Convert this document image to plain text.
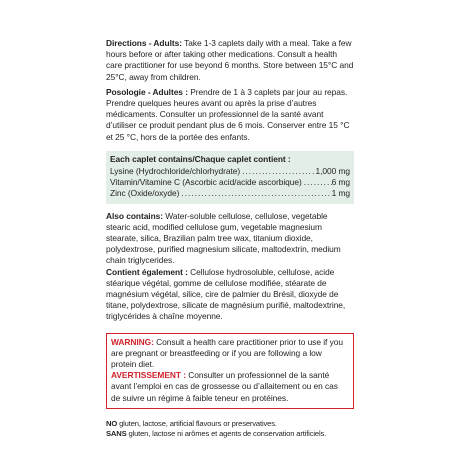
Directions - Adults: Take 1-3 caplets daily with a meal. Take a few hours before or after taking other medications. Consult a health care practitioner for use beyond 6 months. Store between 15°C and 25°C, away from children.

Posologie - Adultes : Prendre de 1 à 3 caplets par jour au repas. Prendre quelques heures avant ou après la prise d’autres médicaments. Consulter un professionnel de la santé avant d’utiliser ce produit pendant plus de 6 mois. Conserver entre 15 °C et 25 °C, hors de la portée des enfants.

Each caplet contains/Chaque caplet contient :
Lysine (Hydrochloride/chlorhydrate) .....	1,000 mg
Vitamin/Vitamine C (Ascorbic acid/acide ascorbique) .....	6 mg
Zinc (Oxide/oxyde) .....	1 mg

Also contains: Water-soluble cellulose, cellulose, vegetable stearic acid, modified cellulose gum, vegetable magnesium stearate, silica, Brazilian palm tree wax, titanium dioxide, polydextrose, purified magnesium silicate, maltodextrin, medium chain triglycerides.

Contient également : Cellulose hydrosoluble, cellulose, acide stéarique végétal, gomme de cellulose modifiée, stéarate de magnésium végétal, silice, cire de palmier du Brésil, dioxyde de titane, polydextrose, silicate de magnésium purifié, maltodextrine, triglycérides à chaîne moyenne.

WARNING: Consult a health care practitioner prior to use if you are pregnant or breastfeeding or if you are following a low protein diet.

AVERTISSEMENT : Consulter un professionnel de la santé avant l’emploi en cas de grossesse ou d’allaitement ou en cas de suivre un régime à faible teneur en protéines.

NO gluten, lactose, artificial flavours or preservatives.

SANS gluten, lactose ni arômes et agents de conservation artificiels.
